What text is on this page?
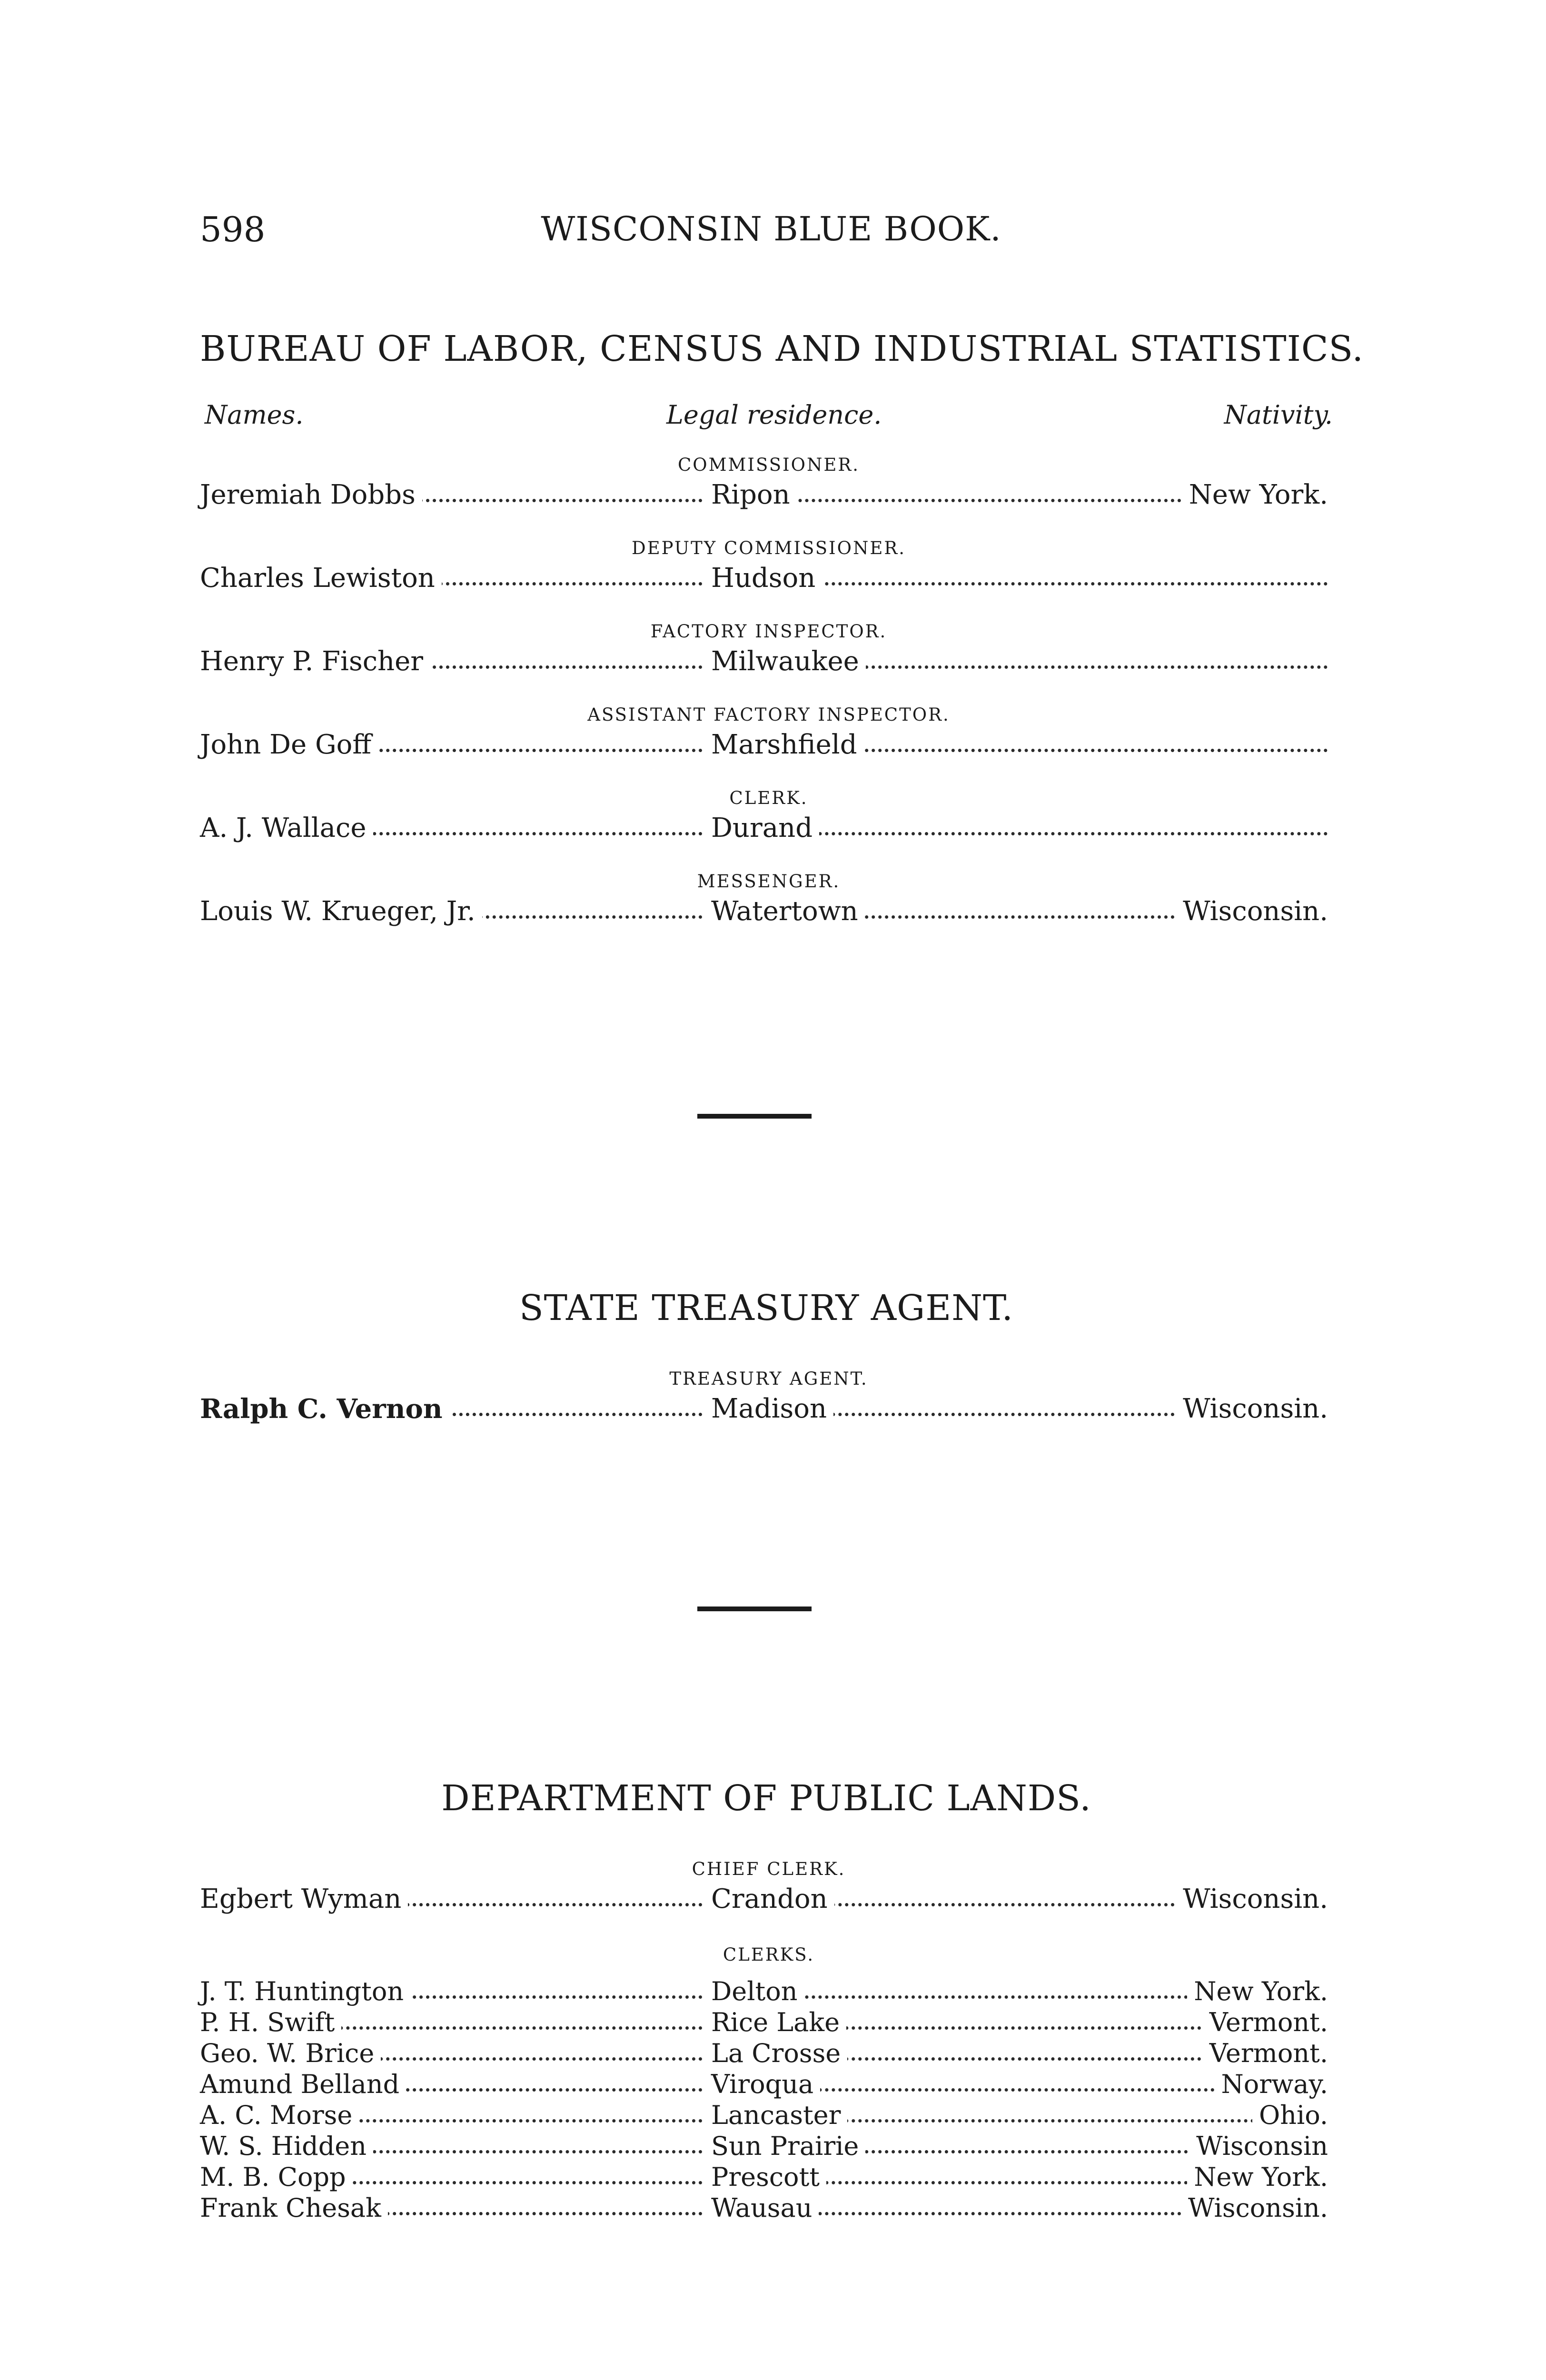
598	WISCONSIN BLUE BOOK.
BUREAU OF LABOR, CENSUS AND INDUSTRIAL STATISTICS.
Names.	Legal residence.	Nativity.
COMMISSIONER.
Jeremiah Dobbs	Ripon	New York.
DEPUTY COMMISSIONER.
Charles Lewiston	Hudson
FACTORY INSPECTOR.
Henry P. Fischer	Milwaukee
ASSISTANT FACTORY INSPECTOR.
John De Goff	Marshfield
CLERK.
A. J. Wallace	Durand
MESSENGER.
Louis W. Krueger, Jr.	Watertown	Wisconsin.
STATE TREASURY AGENT.
TREASURY AGENT.
Ralph C. Vernon	Madison	Wisconsin.
DEPARTMENT OF PUBLIC LANDS.
CHIEF CLERK.
Egbert Wyman	Crandon	Wisconsin.
CLERKS.
J. T. Huntington	Delton	New York.
P. H. Swift	Rice Lake	Vermont.
Geo. W. Brice	La Crosse	Vermont.
Amund Belland	Viroqua	Norway.
A. C. Morse	Lancaster	Ohio.
W. S. Hidden	Sun Prairie	Wisconsin
M. B. Copp	Prescott	New York.
Frank Chesak	Wausau	Wisconsin.
